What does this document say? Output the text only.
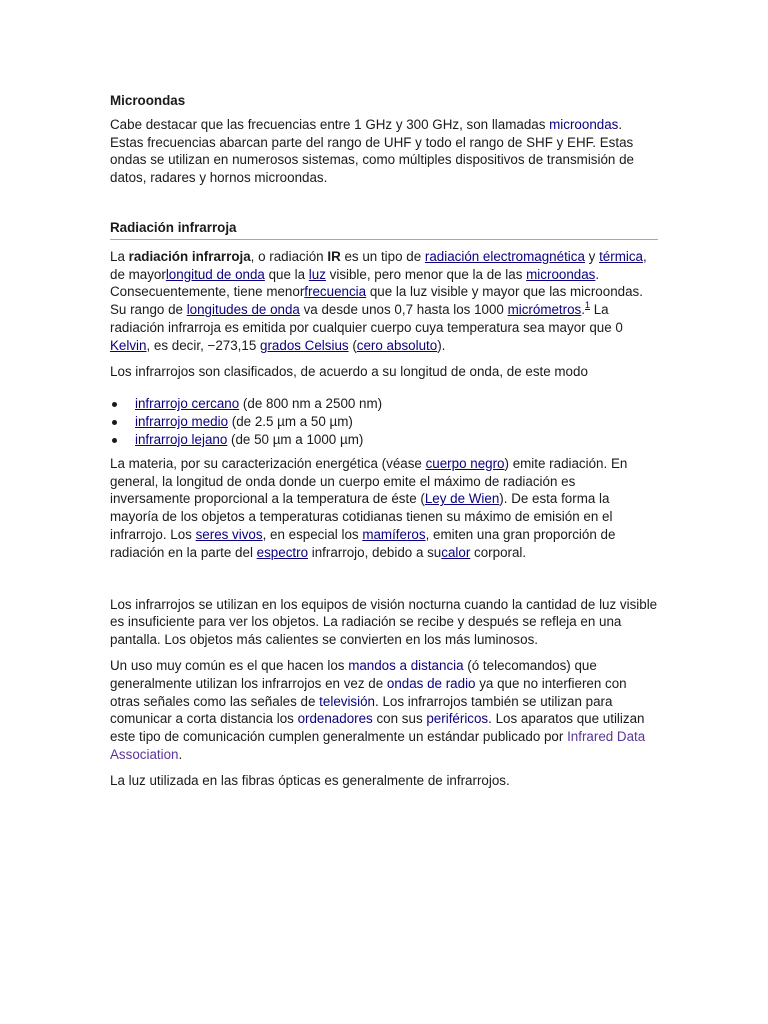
Microondas

Cabe destacar que las frecuencias entre 1 GHz y 300 GHz, son llamadas microondas. Estas frecuencias abarcan parte del rango de UHF y todo el rango de SHF y EHF. Estas ondas se utilizan en numerosos sistemas, como múltiples dispositivos de transmisión de datos, radares y hornos microondas.

Radiación infrarroja

La radiación infrarroja, o radiación IR es un tipo de radiación electromagnética y térmica, de mayorlongitud de onda que la luz visible, pero menor que la de las microondas. Consecuentemente, tiene menorfrecuencia que la luz visible y mayor que las microondas. Su rango de longitudes de onda va desde unos 0,7 hasta los 1000 micrómetros.$^1$ La radiación infrarroja es emitida por cualquier cuerpo cuya temperatura sea mayor que 0 Kelvin, es decir, −273,15 grados Celsius (cero absoluto).

Los infrarrojos son clasificados, de acuerdo a su longitud de onda, de este modo

infrarrojo cercano (de 800 nm a 2500 nm)
infrarrojo medio (de 2.5 µm a 50 µm)
infrarrojo lejano (de 50 µm a 1000 µm)

La materia, por su caracterización energética (véase cuerpo negro) emite radiación. En general, la longitud de onda donde un cuerpo emite el máximo de radiación es inversamente proporcional a la temperatura de éste (Ley de Wien). De esta forma la mayoría de los objetos a temperaturas cotidianas tienen su máximo de emisión en el infrarrojo. Los seres vivos, en especial los mamíferos, emiten una gran proporción de radiación en la parte del espectro infrarrojo, debido a sucalor corporal.

Los infrarrojos se utilizan en los equipos de visión nocturna cuando la cantidad de luz visible es insuficiente para ver los objetos. La radiación se recibe y después se refleja en una pantalla. Los objetos más calientes se convierten en los más luminosos.

Un uso muy común es el que hacen los mandos a distancia (ó telecomandos) que generalmente utilizan los infrarrojos en vez de ondas de radio ya que no interfieren con otras señales como las señales de televisión. Los infrarrojos también se utilizan para comunicar a corta distancia los ordenadores con sus periféricos. Los aparatos que utilizan este tipo de comunicación cumplen generalmente un estándar publicado por Infrared Data Association.

La luz utilizada en las fibras ópticas es generalmente de infrarrojos.
